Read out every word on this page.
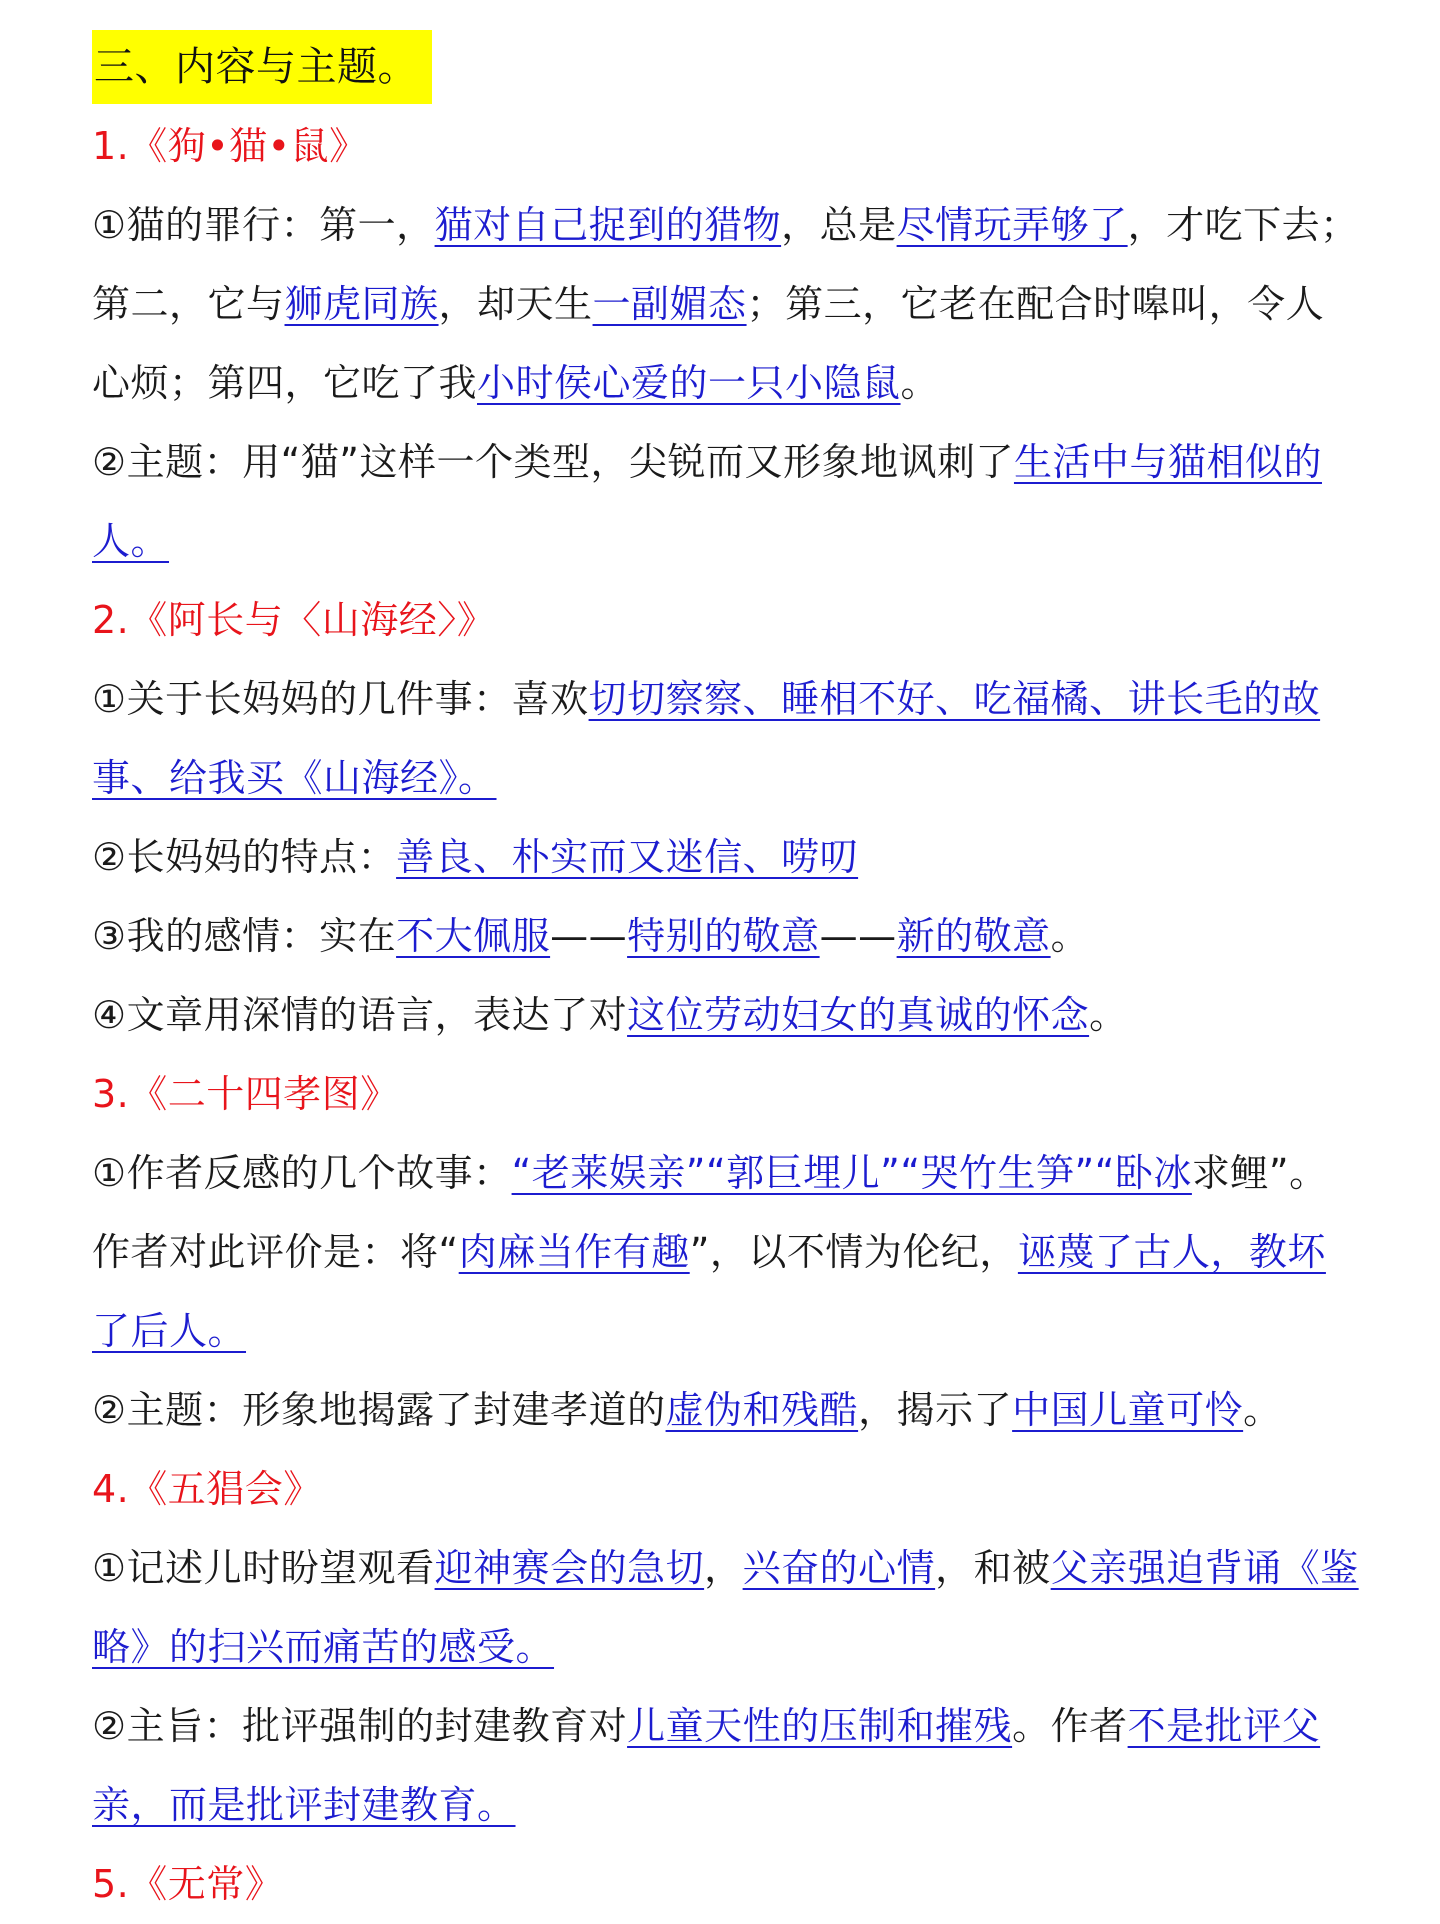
三、内容与主题。
1.《狗•猫•鼠》
①猫的罪行：第一，猫对自己捉到的猎物，总是尽情玩弄够了，才吃下去；
第二，它与狮虎同族，却天生一副媚态；第三，它老在配合时嗥叫，令人
心烦；第四，它吃了我小时侯心爱的一只小隐鼠。
②主题：用“猫”这样一个类型，尖锐而又形象地讽刺了生活中与猫相似的
人。
2.《阿长与〈山海经〉》
①关于长妈妈的几件事：喜欢切切察察、睡相不好、吃福橘、讲长毛的故
事、给我买《山海经》。
②长妈妈的特点：善良、朴实而又迷信、唠叨
③我的感情：实在不大佩服——特别的敬意——新的敬意。
④文章用深情的语言，表达了对这位劳动妇女的真诚的怀念。
3.《二十四孝图》
①作者反感的几个故事：“老莱娱亲”“郭巨埋儿”“哭竹生笋”“卧冰求鲤”。
作者对此评价是：将“肉麻当作有趣”，以不情为伦纪，诬蔑了古人，教坏
了后人。
②主题：形象地揭露了封建孝道的虚伪和残酷，揭示了中国儿童可怜。
4.《五猖会》
①记述儿时盼望观看迎神赛会的急切，兴奋的心情，和被父亲强迫背诵《鉴
略》的扫兴而痛苦的感受。
②主旨：批评强制的封建教育对儿童天性的压制和摧残。作者不是批评父
亲，而是批评封建教育。
5.《无常》
